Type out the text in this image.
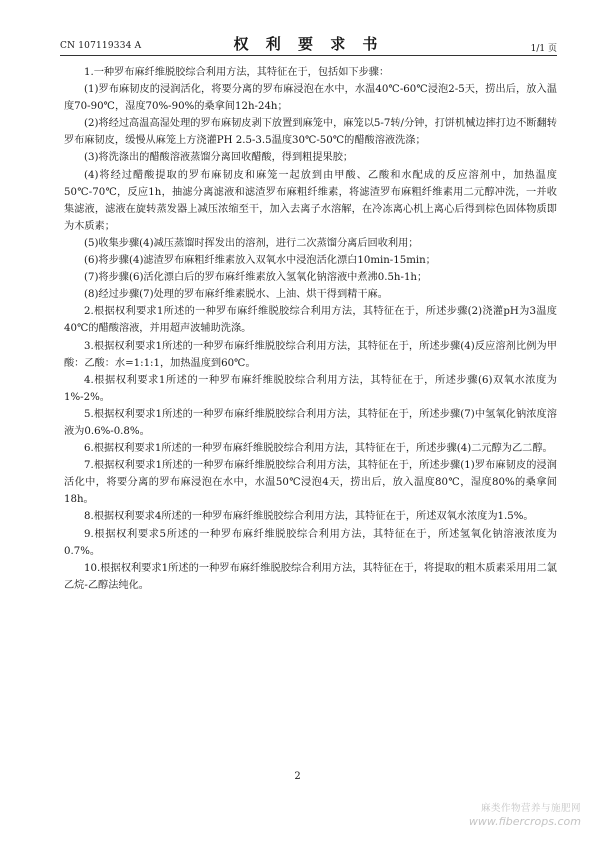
CN 107119334 A	权 利 要 求 书	1/1 页

1.一种罗布麻纤维脱胶综合利用方法，其特征在于，包括如下步骤：

(1)罗布麻韧皮的浸润活化，将要分离的罗布麻浸泡在水中，水温40℃-60℃浸泡2-5天，捞出后，放入温度70-90℃，湿度70%-90%的桑拿间12h-24h；

(2)将经过高温高湿处理的罗布麻韧皮剥下放置到麻笼中，麻笼以5-7转/分钟，打饼机械边摔打边不断翻转罗布麻韧皮，缓慢从麻笼上方浇灌PH 2.5-3.5温度30℃-50℃的醋酸溶液洗涤；

(3)将洗涤出的醋酸溶液蒸馏分离回收醋酸，得到粗提果胶；

(4)将经过醋酸提取的罗布麻韧皮和麻笼一起放到由甲酸、乙酸和水配成的反应溶剂中，加热温度50℃-70℃，反应1h，抽滤分离滤液和滤渣罗布麻粗纤维素，将滤渣罗布麻粗纤维素用二元醇冲洗，一并收集滤液，滤液在旋转蒸发器上减压浓缩至干，加入去离子水溶解，在冷冻离心机上离心后得到棕色固体物质即为木质素；

(5)收集步骤(4)减压蒸馏时挥发出的溶剂，进行二次蒸馏分离后回收利用；

(6)将步骤(4)滤渣罗布麻粗纤维素放入双氧水中浸泡活化漂白10min-15min；

(7)将步骤(6)活化漂白后的罗布麻纤维素放入氢氧化钠溶液中煮沸0.5h-1h；

(8)经过步骤(7)处理的罗布麻纤维素脱水、上油、烘干得到精干麻。

2.根据权利要求1所述的一种罗布麻纤维脱胶综合利用方法，其特征在于，所述步骤(2)浇灌pH为3温度40℃的醋酸溶液，并用超声波辅助洗涤。

3.根据权利要求1所述的一种罗布麻纤维脱胶综合利用方法，其特征在于，所述步骤(4)反应溶剂比例为甲酸：乙酸：水=1:1:1，加热温度到60℃。

4.根据权利要求1所述的一种罗布麻纤维脱胶综合利用方法，其特征在于，所述步骤(6)双氧水浓度为1%-2%。

5.根据权利要求1所述的一种罗布麻纤维脱胶综合利用方法，其特征在于，所述步骤(7)中氢氧化钠浓度溶液为0.6%-0.8%。

6.根据权利要求1所述的一种罗布麻纤维脱胶综合利用方法，其特征在于，所述步骤(4)二元醇为乙二醇。

7.根据权利要求1所述的一种罗布麻纤维脱胶综合利用方法，其特征在于，所述步骤(1)罗布麻韧皮的浸润活化中，将要分离的罗布麻浸泡在水中，水温50℃浸泡4天，捞出后，放入温度80℃，湿度80%的桑拿间18h。

8.根据权利要求4所述的一种罗布麻纤维脱胶综合利用方法，其特征在于，所述双氧水浓度为1.5%。

9.根据权利要求5所述的一种罗布麻纤维脱胶综合利用方法，其特征在于，所述氢氧化钠溶液浓度为0.7%。

10.根据权利要求1所述的一种罗布麻纤维脱胶综合利用方法，其特征在于，将提取的粗木质素采用用二氯乙烷-乙醇法纯化。

2
麻类作物营养与施肥网
www.fibercrops.com
